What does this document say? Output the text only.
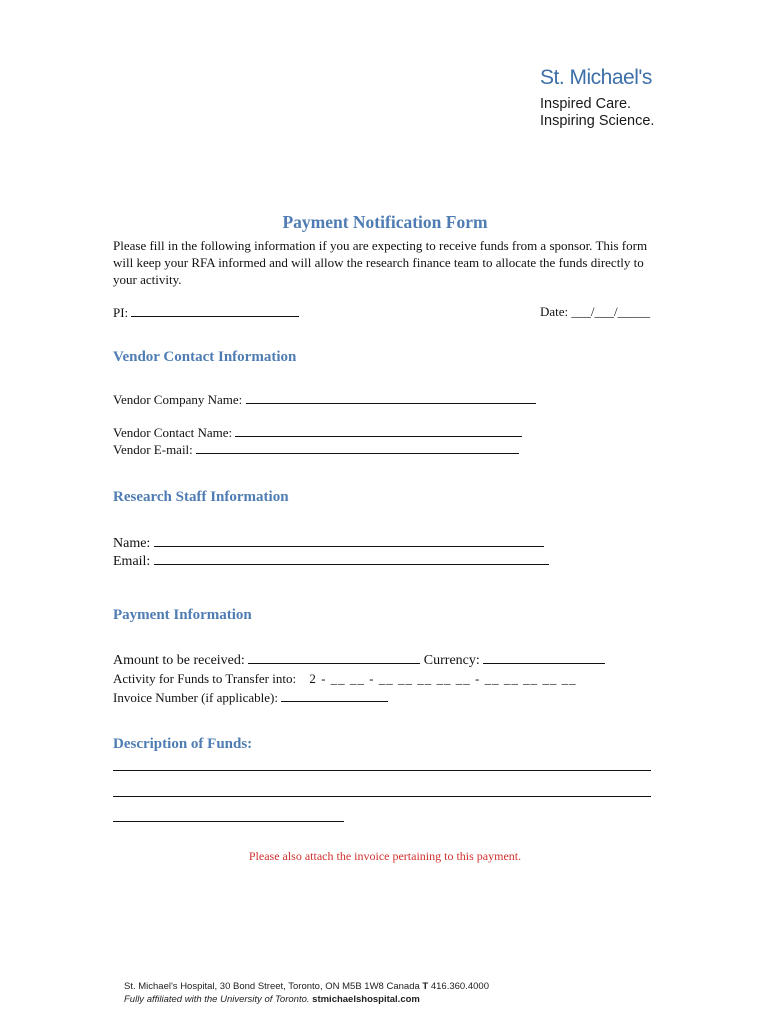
St. Michael's
Inspired Care.
Inspiring Science.
Payment Notification Form
Please fill in the following information if you are expecting to receive funds from a sponsor. This form will keep your RFA informed and will allow the research finance team to allocate the funds directly to your activity.
PI:	Date: ___/___/_____
Vendor Contact Information
Vendor Company Name:
Vendor Contact Name:
Vendor E-mail:
Research Staff Information
Name:
Email:
Payment Information
Amount to be received:	Currency:
Activity for Funds to Transfer into: 2 - __ __ - __ __ __ __ __ - __ __ __ __ __
Invoice Number (if applicable):
Description of Funds:
Please also attach the invoice pertaining to this payment.
St. Michael's Hospital, 30 Bond Street, Toronto, ON M5B 1W8 Canada T 416.360.4000
Fully affiliated with the University of Toronto. stmichaelshospital.com
